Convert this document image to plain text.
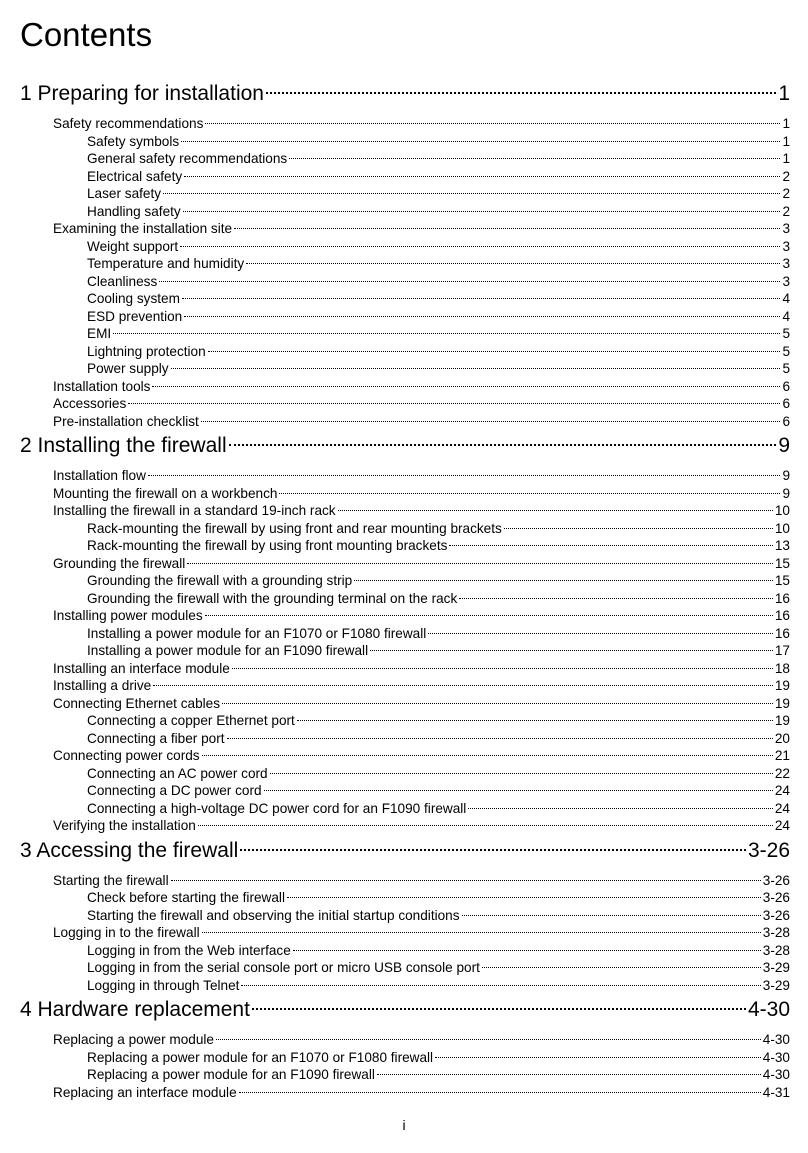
Contents
1 Preparing for installation	1
Safety recommendations	1
Safety symbols	1
General safety recommendations	1
Electrical safety	2
Laser safety	2
Handling safety	2
Examining the installation site	3
Weight support	3
Temperature and humidity	3
Cleanliness	3
Cooling system	4
ESD prevention	4
EMI	5
Lightning protection	5
Power supply	5
Installation tools	6
Accessories	6
Pre-installation checklist	6
2 Installing the firewall	9
Installation flow	9
Mounting the firewall on a workbench	9
Installing the firewall in a standard 19-inch rack	10
Rack-mounting the firewall by using front and rear mounting brackets	10
Rack-mounting the firewall by using front mounting brackets	13
Grounding the firewall	15
Grounding the firewall with a grounding strip	15
Grounding the firewall with the grounding terminal on the rack	16
Installing power modules	16
Installing a power module for an F1070 or F1080 firewall	16
Installing a power module for an F1090 firewall	17
Installing an interface module	18
Installing a drive	19
Connecting Ethernet cables	19
Connecting a copper Ethernet port	19
Connecting a fiber port	20
Connecting power cords	21
Connecting an AC power cord	22
Connecting a DC power cord	24
Connecting a high-voltage DC power cord for an F1090 firewall	24
Verifying the installation	24
3 Accessing the firewall	3-26
Starting the firewall	3-26
Check before starting the firewall	3-26
Starting the firewall and observing the initial startup conditions	3-26
Logging in to the firewall	3-28
Logging in from the Web interface	3-28
Logging in from the serial console port or micro USB console port	3-29
Logging in through Telnet	3-29
4 Hardware replacement	4-30
Replacing a power module	4-30
Replacing a power module for an F1070 or F1080 firewall	4-30
Replacing a power module for an F1090 firewall	4-30
Replacing an interface module	4-31
i
